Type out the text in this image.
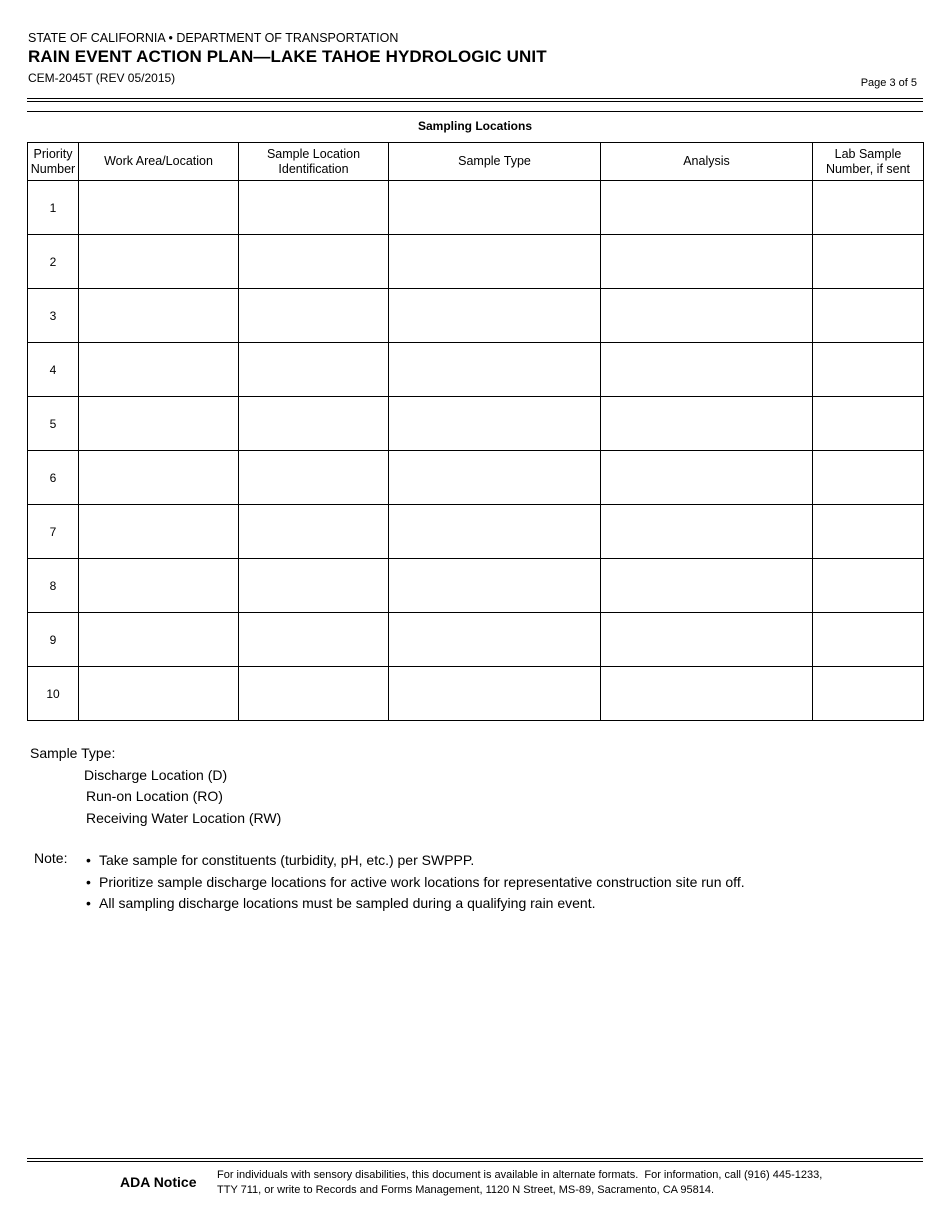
STATE OF CALIFORNIA • DEPARTMENT OF TRANSPORTATION
RAIN EVENT ACTION PLAN—LAKE TAHOE HYDROLOGIC UNIT
CEM-2045T (REV 05/2015)	Page 3 of 5
Sampling Locations
Priority Number	Work Area/Location	Sample Location Identification	Sample Type	Analysis	Lab Sample Number, if sent
1					
2					
3					
4					
5					
6					
7					
8					
9					
10					
Sample Type:
Discharge Location (D)
Run-on Location (RO)
Receiving Water Location (RW)
Note: • Take sample for constituents (turbidity, pH, etc.) per SWPPP.
• Prioritize sample discharge locations for active work locations for representative construction site run off.
• All sampling discharge locations must be sampled during a qualifying rain event.
ADA Notice For individuals with sensory disabilities, this document is available in alternate formats.  For information, call (916) 445-1233,
TTY 711, or write to Records and Forms Management, 1120 N Street, MS-89, Sacramento, CA 95814.
